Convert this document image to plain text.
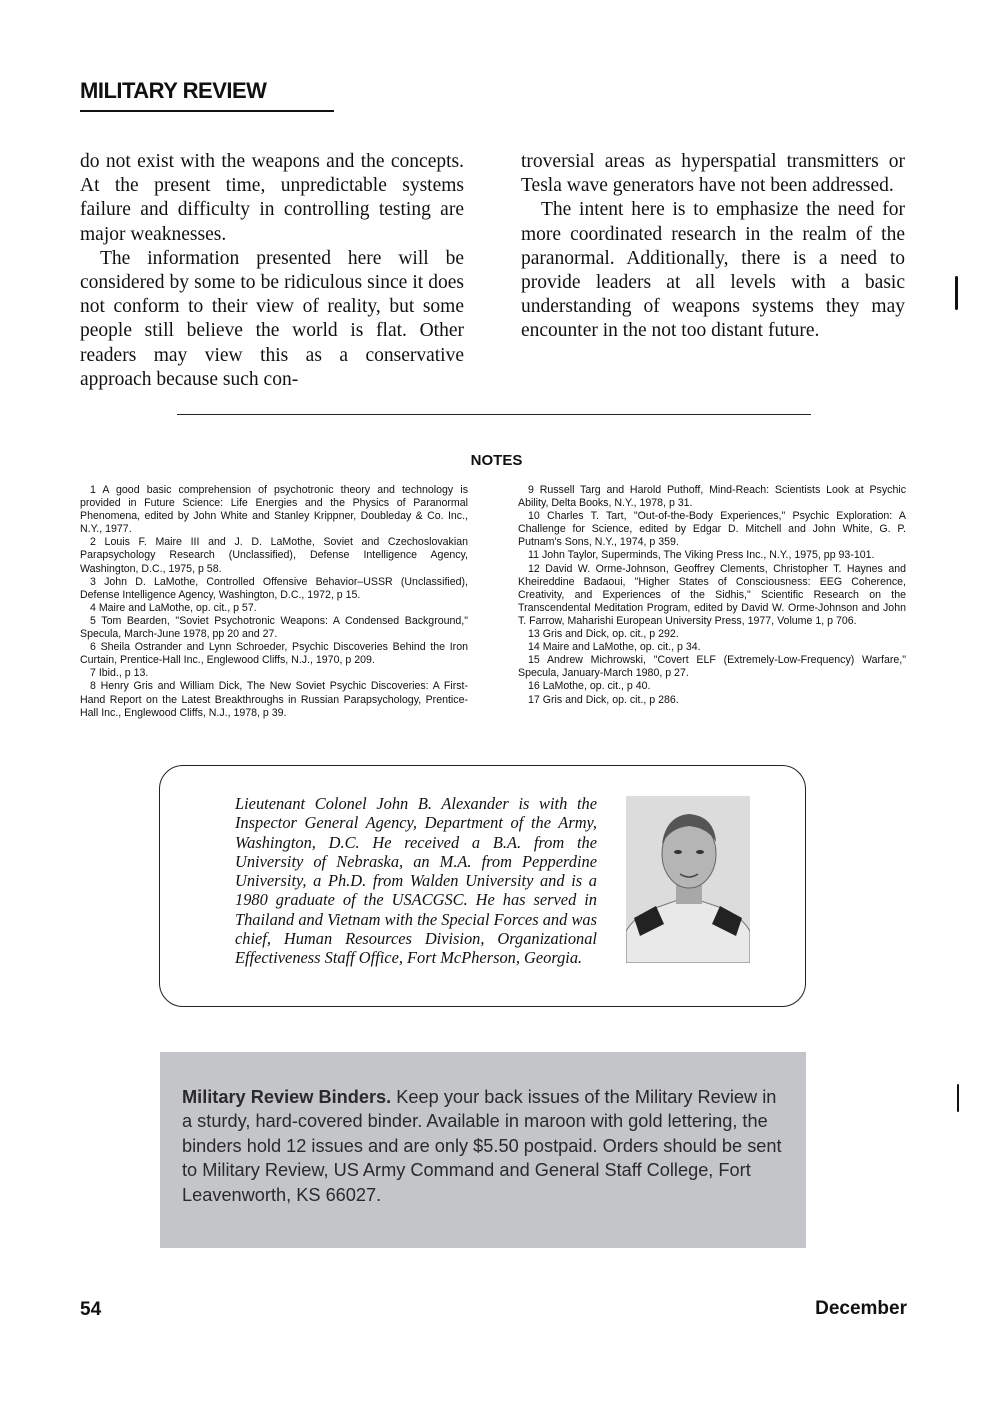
MILITARY REVIEW

do not exist with the weapons and the concepts. At the present time, unpredictable systems failure and difficulty in controlling testing are major weaknesses.

The information presented here will be considered by some to be ridiculous since it does not conform to their view of reality, but some people still believe the world is flat. Other readers may view this as a conservative approach because such con-

troversial areas as hyperspatial transmitters or Tesla wave generators have not been addressed.

The intent here is to emphasize the need for more coordinated research in the realm of the paranormal. Additionally, there is a need to provide leaders at all levels with a basic understanding of weapons systems they may encounter in the not too distant future.

NOTES

1 A good basic comprehension of psychotronic theory and technology is provided in Future Science: Life Energies and the Physics of Paranormal Phenomena, edited by John White and Stanley Krippner, Doubleday & Co. Inc., N.Y., 1977.

2 Louis F. Maire III and J. D. LaMothe, Soviet and Czechoslovakian Parapsychology Research (Unclassified), Defense Intelligence Agency, Washington, D.C., 1975, p 58.

3 John D. LaMothe, Controlled Offensive Behavior–USSR (Unclassified), Defense Intelligence Agency, Washington, D.C., 1972, p 15.

4 Maire and LaMothe, op. cit., p 57.

5 Tom Bearden, "Soviet Psychotronic Weapons: A Condensed Background," Specula, March-June 1978, pp 20 and 27.

6 Sheila Ostrander and Lynn Schroeder, Psychic Discoveries Behind the Iron Curtain, Prentice-Hall Inc., Englewood Cliffs, N.J., 1970, p 209.

7 Ibid., p 13.

8 Henry Gris and William Dick, The New Soviet Psychic Discoveries: A First-Hand Report on the Latest Breakthroughs in Russian Parapsychology, Prentice-Hall Inc., Englewood Cliffs, N.J., 1978, p 39.

9 Russell Targ and Harold Puthoff, Mind-Reach: Scientists Look at Psychic Ability, Delta Books, N.Y., 1978, p 31.

10 Charles T. Tart, "Out-of-the-Body Experiences," Psychic Exploration: A Challenge for Science, edited by Edgar D. Mitchell and John White, G. P. Putnam's Sons, N.Y., 1974, p 359.

11 John Taylor, Superminds, The Viking Press Inc., N.Y., 1975, pp 93-101.

12 David W. Orme-Johnson, Geoffrey Clements, Christopher T. Haynes and Kheireddine Badaoui, "Higher States of Consciousness: EEG Coherence, Creativity, and Experiences of the Sidhis," Scientific Research on the Transcendental Meditation Program, edited by David W. Orme-Johnson and John T. Farrow, Maharishi European University Press, 1977, Volume 1, p 706.

13 Gris and Dick, op. cit., p 292.

14 Maire and LaMothe, op. cit., p 34.

15 Andrew Michrowski, "Covert ELF (Extremely-Low-Frequency) Warfare," Specula, January-March 1980, p 27.

16 LaMothe, op. cit., p 40.

17 Gris and Dick, op. cit., p 286.

Lieutenant Colonel John B. Alexander is with the Inspector General Agency, Department of the Army, Washington, D.C. He received a B.A. from the University of Nebraska, an M.A. from Pepperdine University, a Ph.D. from Walden University and is a 1980 graduate of the USACGSC. He has served in Thailand and Vietnam with the Special Forces and was chief, Human Resources Division, Organizational Effectiveness Staff Office, Fort McPherson, Georgia.
Military Review Binders. Keep your back issues of the Military Review in a sturdy, hard-covered binder. Available in maroon with gold lettering, the binders hold 12 issues and are only $5.50 postpaid. Orders should be sent to Military Review, US Army Command and General Staff College, Fort Leavenworth, KS 66027.
54	December
